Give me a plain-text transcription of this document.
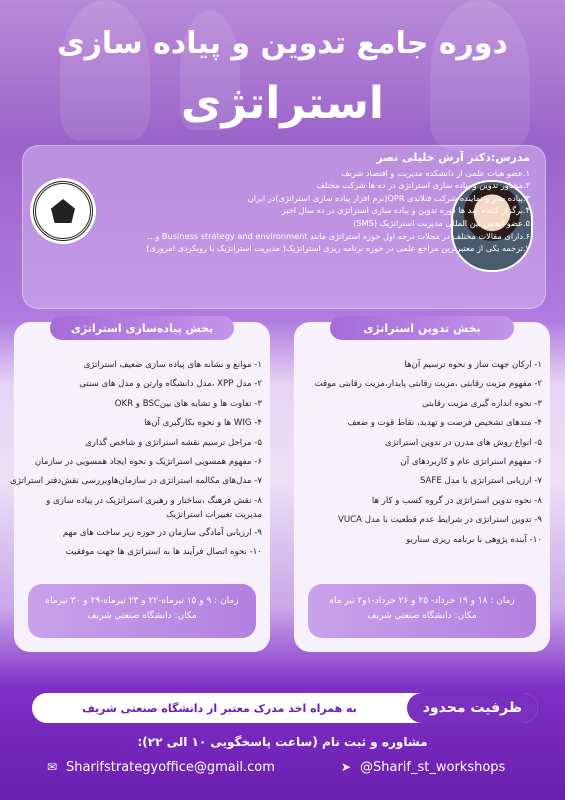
دوره جامع تدوین و پیاده سازی
استراتژی
مدرس:دکتر آرش خلیلی نصر
۱.عضو هیات علمی از دانشکده مدیریت و اقتصاد شریف
۲.مشاور تدوین و پیاده سازی استراتژی در ده ها شرکت مختلف
۳.پیاده ساز و نماینده شرکت فنلاندی QPR(نرم افزار پیاده سازی استراتژی)در ایران
۴.برگزار کننده صد ها دوره تدوین و پیاده سازی استراتژی در ده سال اخیر
۵.عضو انجمن بین المللی مدیریت استراتژیک (SMS)
۶.دارای مقالات مختلف در مجلات درجه اول حوزه استراتژی مانند Business strategy and environment و...
۷.ترجمه یکی از معتبرترین مراجع علمی در حوزه برنامه ریزی استراتژیک( مدیریت استراتژیک با رویکردی امروزی)
بخش پیاده‌سازی استراتژی
۱- موانع و نشانه های پیاده سازی ضعیف استراتژی
۲- مدل XPP ،مدل دانشگاه وارتن و مدل های سنتی
۳- تفاوت ها و تشابه های بینBSC و OKR
۴- WIG ها و نحوه بکارگیری آن‌ها
۵- مراحل ترسیم نقشه استراتژی و شاخص گذاری
۶- مفهوم همسویی استراتژیک و نحوه ایجاد همسویی در سازمان
۷- مدل‌های مکالمه استراتژی در سازمان‌هاوبررسی نقش‌دفتر استراتژی
۸- نقش فرهنگ ،ساختار و رهبری استراتژیک در پیاده سازی و مدیریت تغییرات استراتژیک
۹- ارزیابی آمادگی سازمان در حوزه زیر ساخت های مهم
۱۰- نحوه اتصال فرآیند ها به استراتژی ها جهت موفقیت
زمان : ۹ و ۱۵ تیرماه-۲۲ و ۲۳ تیرماه-۲۹ و ۳۰ تیرماه
مکان: دانشگاه صنعتی شریف
بخش تدوین استراتژی
۱- ارکان جهت ساز و نحوه ترسیم آن‌ها
۲- مفهوم مزیت رقابتی ،مزیت رقابتی پایدار،مزیت رقابتی موقت
۳- نحوه اندازه گیری مزیت رقابتی
۴- متدهای تشخیص فرصت و تهدید، نقاط قوت و ضعف
۵- انواع روش های مدرن در تدوین استراتژی
۶- مفهوم استراتژی عام و کاربردهای آن
۷- ارزیابی استراتژی با مدل SAFE
۸- نحوه تدوین استراتژی در گروه کسب و کار ها
۹- تدوین استراتژی در شرایط عدم قطعیت با مدل VUCA
۱۰- آینده پژوهی با برنامه ریزی سناریو
زمان : ۱۸ و ۱۹ خرداد- ۲۵ و ۲۶ خرداد-۱و۲ تیر ماه
مکان: دانشگاه صنعتی شریف
ظرفیت محدود
به همراه اخذ مدرک معتبر از دانشگاه صنعتی شریف
مشاوره و ثبت نام (ساعت پاسخگویی ۱۰ الی ۲۲):
✉ Sharifstrategyoffice@gmail.com	➤ @Sharif_st_workshops
